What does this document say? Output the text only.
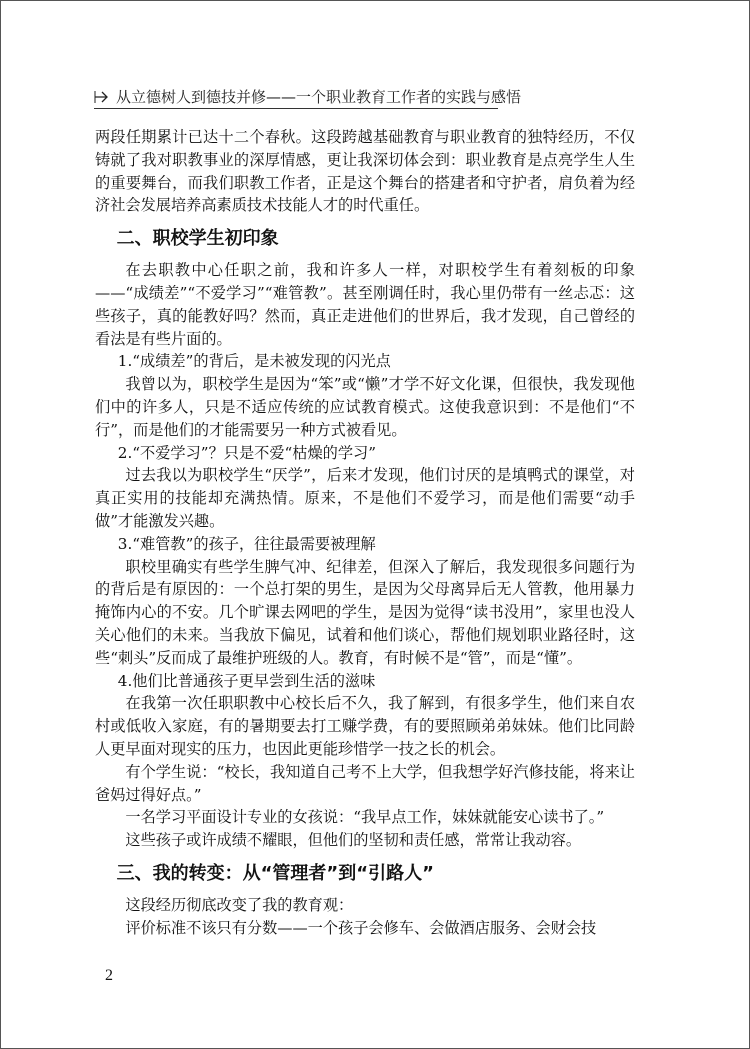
从立德树人到德技并修——一个职业教育工作者的实践与感悟

两段任期累计已达十二个春秋。这段跨越基础教育与职业教育的独特经历，不仅铸就了我对职教事业的深厚情感，更让我深切体会到：职业教育是点亮学生人生的重要舞台，而我们职教工作者，正是这个舞台的搭建者和守护者，肩负着为经济社会发展培养高素质技术技能人才的时代重任。

二、职校学生初印象

在去职教中心任职之前，我和许多人一样，对职校学生有着刻板的印象——“成绩差”“不爱学习”“难管教”。甚至刚调任时，我心里仍带有一丝忐忑：这些孩子，真的能教好吗？然而，真正走进他们的世界后，我才发现，自己曾经的看法是有些片面的。

1.“成绩差”的背后，是未被发现的闪光点

我曾以为，职校学生是因为“笨”或“懒”才学不好文化课，但很快，我发现他们中的许多人，只是不适应传统的应试教育模式。这使我意识到：不是他们“不行”，而是他们的才能需要另一种方式被看见。

2.“不爱学习”？只是不爱“枯燥的学习”

过去我以为职校学生“厌学”，后来才发现，他们讨厌的是填鸭式的课堂，对真正实用的技能却充满热情。原来，不是他们不爱学习，而是他们需要“动手做”才能激发兴趣。

3.“难管教”的孩子，往往最需要被理解

职校里确实有些学生脾气冲、纪律差，但深入了解后，我发现很多问题行为的背后是有原因的：一个总打架的男生，是因为父母离异后无人管教，他用暴力掩饰内心的不安。几个旷课去网吧的学生，是因为觉得“读书没用”，家里也没人关心他们的未来。当我放下偏见，试着和他们谈心，帮他们规划职业路径时，这些“刺头”反而成了最维护班级的人。教育，有时候不是“管”，而是“懂”。

4.他们比普通孩子更早尝到生活的滋味

在我第一次任职职教中心校长后不久，我了解到，有很多学生，他们来自农村或低收入家庭，有的暑期要去打工赚学费，有的要照顾弟弟妹妹。他们比同龄人更早面对现实的压力，也因此更能珍惜学一技之长的机会。

有个学生说：“校长，我知道自己考不上大学，但我想学好汽修技能，将来让爸妈过得好点。”

一名学习平面设计专业的女孩说：“我早点工作，妹妹就能安心读书了。”

这些孩子或许成绩不耀眼，但他们的坚韧和责任感，常常让我动容。

三、我的转变：从“管理者”到“引路人”

这段经历彻底改变了我的教育观：

评价标准不该只有分数——一个孩子会修车、会做酒店服务、会财会技

2
